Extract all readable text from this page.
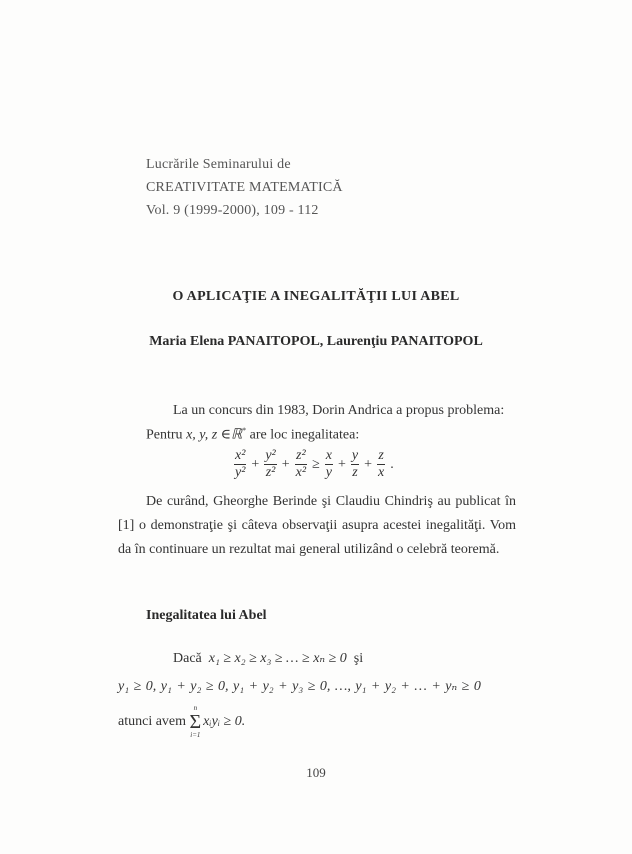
Lucrările Seminarului de
CREATIVITATE MATEMATICĂ
Vol. 9 (1999-2000), 109 - 112
O APLICAŢIE A INEGALITĂŢII LUI ABEL
Maria Elena PANAITOPOL, Laurenţiu PANAITOPOL
La un concurs din 1983, Dorin Andrica a propus problema:
Pentru x, y, z ∈ℝ* are loc inegalitatea:
$\frac{\text{x²}}{\text{y²}} + \frac{\text{y²}}{\text{z²}} + \frac{\text{z²}}{\text{x²}} \ge \frac{x}{y} + \frac{y}{z} + \frac{z}{x}$ .
De curând, Gheorghe Berinde şi Claudiu Chindriş au publicat în [1] o demonstraţie şi câteva observaţii asupra acestei inegalităţi. Vom da în continuare un rezultat mai general utilizând o celebră teoremă.
Inegalitatea lui Abel
Dacă x₁ ≥ x₂ ≥ x₃ ≥ … ≥ xₙ ≥ 0 şi
y₁ ≥ 0, y₁ + y₂ ≥ 0, y₁ + y₂ + y₃ ≥ 0, …, y₁ + y₂ + … + yₙ ≥ 0
atunci avem
n
Σ
i=1
xᵢyᵢ ≥ 0.
109
